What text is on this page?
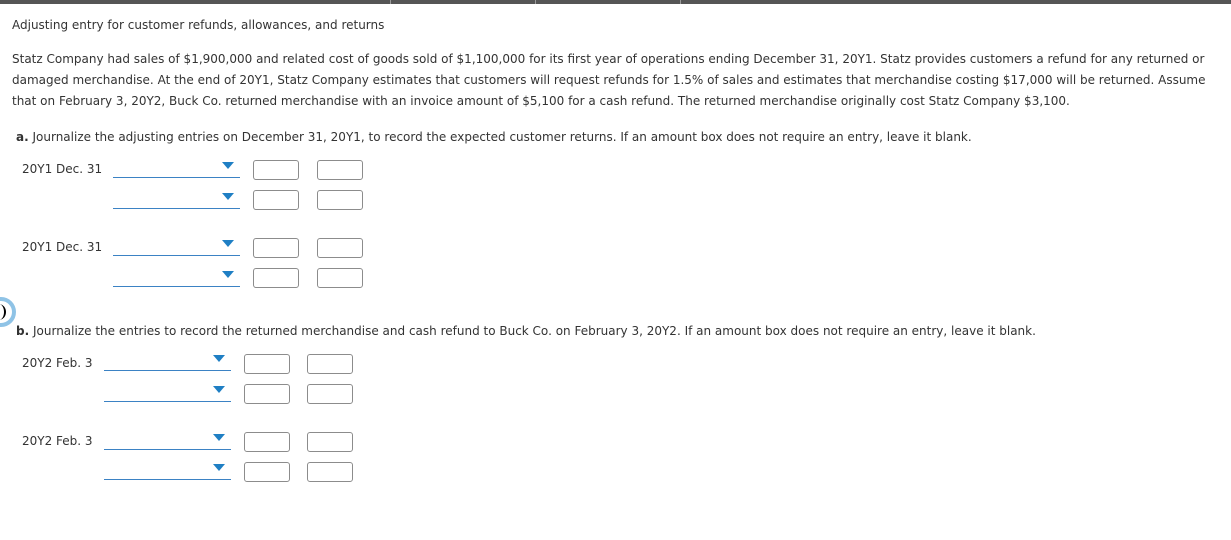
Adjusting entry for customer refunds, allowances, and returns
Statz Company had sales of $1,900,000 and related cost of goods sold of $1,100,000 for its first year of operations ending December 31, 20Y1. Statz provides customers a refund for any returned or damaged merchandise. At the end of 20Y1, Statz Company estimates that customers will request refunds for 1.5% of sales and estimates that merchandise costing $17,000 will be returned. Assume that on February 3, 20Y2, Buck Co. returned merchandise with an invoice amount of $5,100 for a cash refund. The returned merchandise originally cost Statz Company $3,100.
a. Journalize the adjusting entries on December 31, 20Y1, to record the expected customer returns. If an amount box does not require an entry, leave it blank.
20Y1 Dec. 31
20Y1 Dec. 31
b. Journalize the entries to record the returned merchandise and cash refund to Buck Co. on February 3, 20Y2. If an amount box does not require an entry, leave it blank.
20Y2 Feb. 3
20Y2 Feb. 3
